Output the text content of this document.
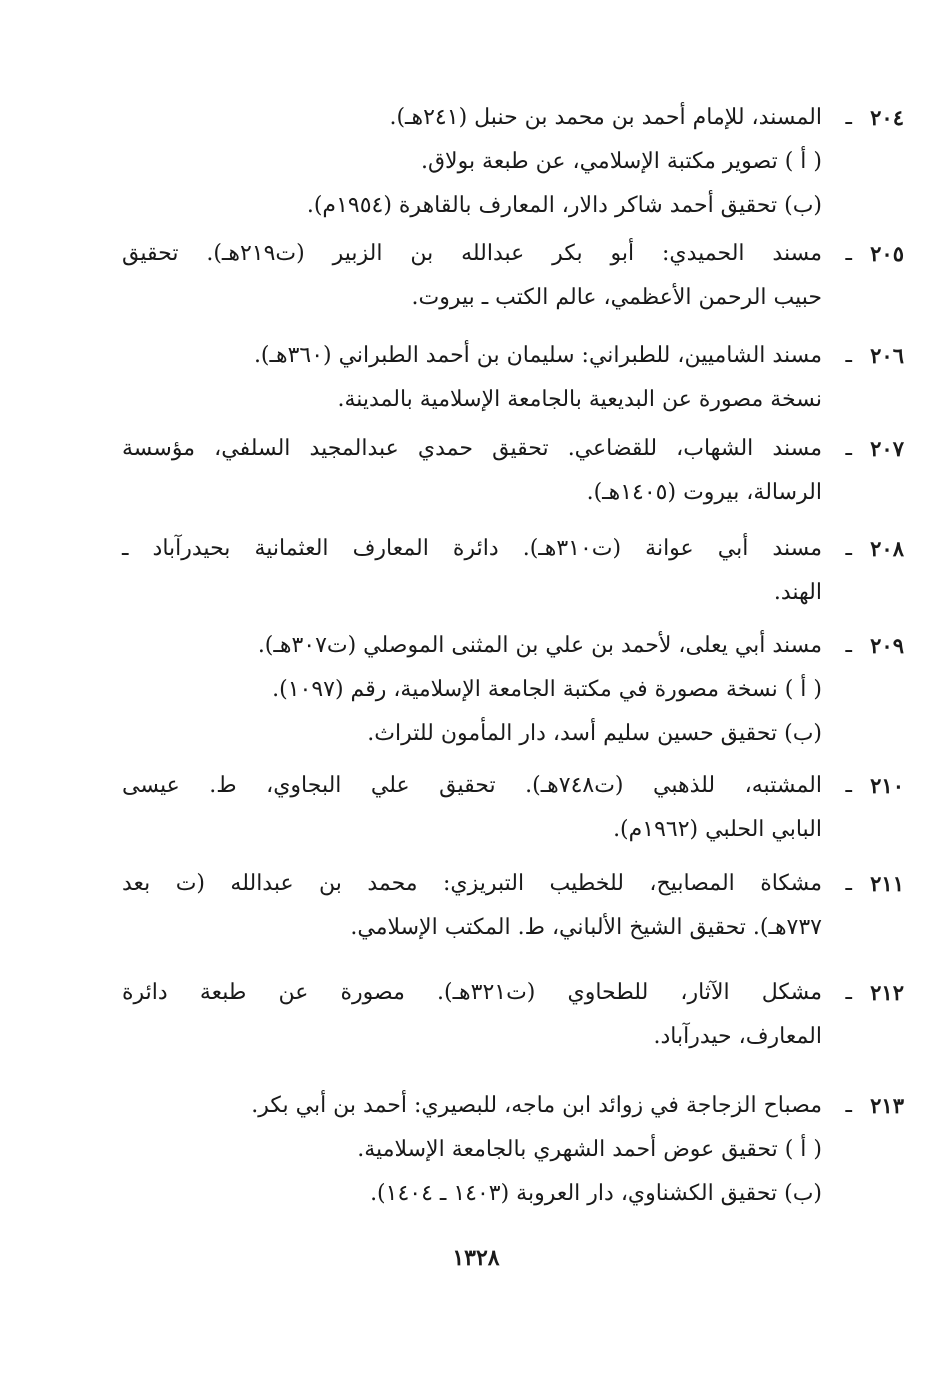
٢٠٤
ـ
المسند، للإمام أحمد بن محمد بن حنبل (٢٤١هـ).
( أ ) تصوير مكتبة الإسلامي، عن طبعة بولاق.
(ب) تحقيق أحمد شاكر دالار، المعارف بالقاهرة (١٩٥٤م).
٢٠٥
ـ
مسند الحميدي: أبو بكر عبدالله بن الزبير (ت٢١٩هـ). تحقيق
حبيب الرحمن الأعظمي، عالم الكتب ـ بيروت.
٢٠٦
ـ
مسند الشاميين، للطبراني: سليمان بن أحمد الطبراني (٣٦٠هـ).
نسخة مصورة عن البديعية بالجامعة الإسلامية بالمدينة.
٢٠٧
ـ
مسند الشهاب، للقضاعي. تحقيق حمدي عبدالمجيد السلفي، مؤسسة
الرسالة، بيروت (١٤٠٥هـ).
٢٠٨
ـ
مسند أبي عوانة (ت٣١٠هـ). دائرة المعارف العثمانية بحيدرآباد ـ
الهند.
٢٠٩
ـ
مسند أبي يعلى، لأحمد بن علي بن المثنى الموصلي (ت٣٠٧هـ).
( أ ) نسخة مصورة في مكتبة الجامعة الإسلامية، رقم (١٠٩٧).
(ب) تحقيق حسين سليم أسد، دار المأمون للتراث.
٢١٠
ـ
المشتبه، للذهبي (ت٧٤٨هـ). تحقيق علي البجاوي، ط. عيسى
البابي الحلبي (١٩٦٢م).
٢١١
ـ
مشكاة المصابيح، للخطيب التبريزي: محمد بن عبدالله (ت بعد
٧٣٧هـ). تحقيق الشيخ الألباني، ط. المكتب الإسلامي.
٢١٢
ـ
مشكل الآثار، للطحاوي (ت٣٢١هـ). مصورة عن طبعة دائرة
المعارف، حيدرآباد.
٢١٣
ـ
مصباح الزجاجة في زوائد ابن ماجه، للبصيري: أحمد بن أبي بكر.
( أ ) تحقيق عوض أحمد الشهري بالجامعة الإسلامية.
(ب) تحقيق الكشناوي، دار العروبة (١٤٠٣ ـ ١٤٠٤).
١٣٢٨
